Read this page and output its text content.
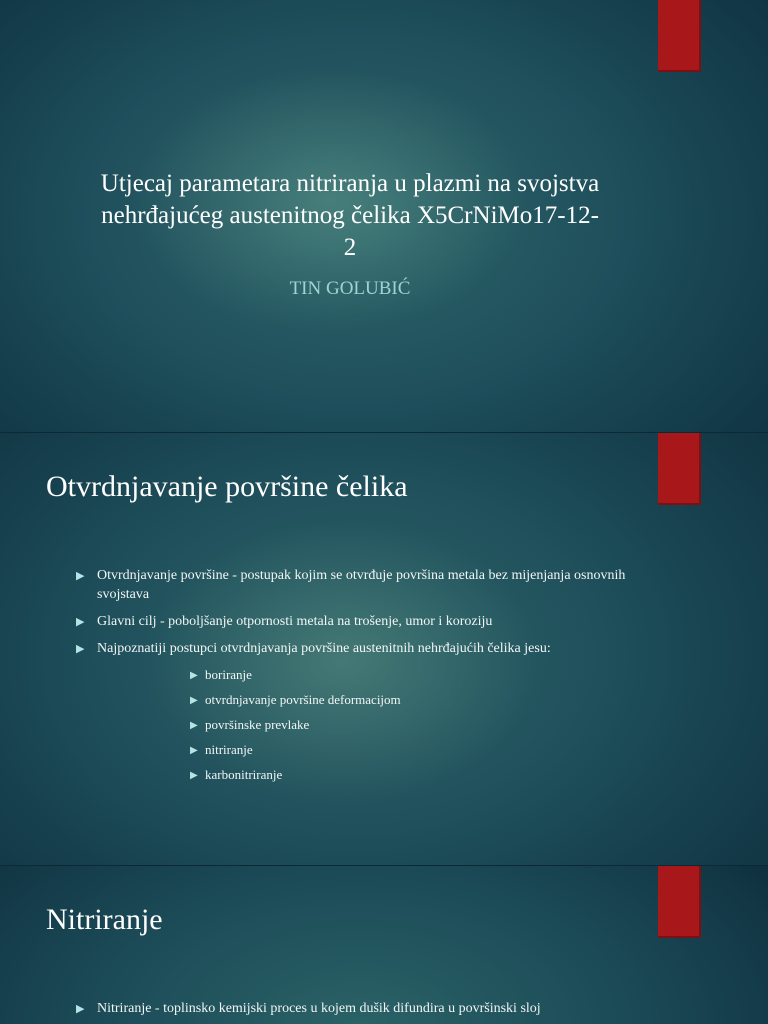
Utjecaj parametara nitriranja u plazmi na svojstva
nehrđajućeg austenitnog čelika X5CrNiMo17-12-
2
TIN GOLUBIĆ
Otvrdnjavanje površine čelika
▶ Otvrdnjavanje površine - postupak kojim se otvrđuje površina metala bez mijenjanja osnovnih svojstava
▶ Glavni cilj - poboljšanje otpornosti metala na trošenje, umor i koroziju
▶ Najpoznatiji postupci otvrdnjavanja površine austenitnih nehrđajućih čelika jesu:
▶ boriranje
▶ otvrdnjavanje površine deformacijom
▶ površinske prevlake
▶ nitriranje
▶ karbonitriranje
Nitriranje
▶ Nitriranje - toplinsko kemijski proces u kojem dušik difundira u površinski sloj
